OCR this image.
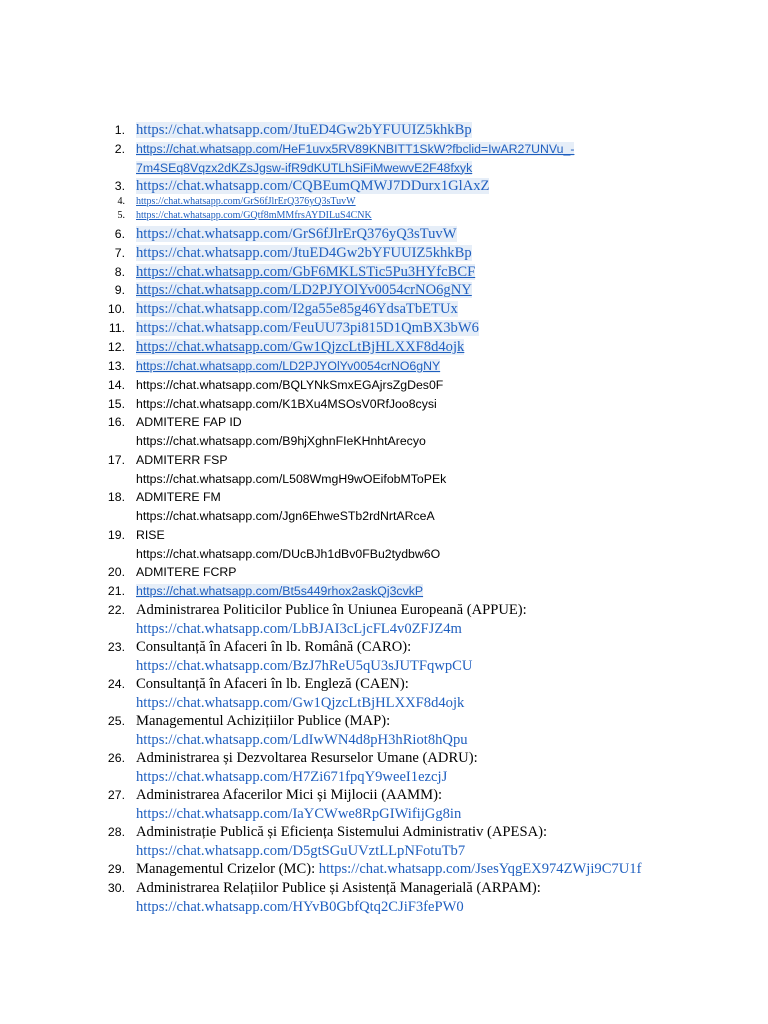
1. https://chat.whatsapp.com/JtuED4Gw2bYFUUIZ5khkBp
2. https://chat.whatsapp.com/HeF1uvx5RV89KNBITT1SkW?fbclid=IwAR27UNVu_-
7m4SEq8Vqzx2dKZsJgsw-ifR9dKUTLhSiFiMwewvE2F48fxyk
3. https://chat.whatsapp.com/CQBEumQMWJ7DDurx1GlAxZ
4. https://chat.whatsapp.com/GrS6fJlrErQ376yQ3sTuvW
5. https://chat.whatsapp.com/GQtf8mMMfrsAYDILuS4CNK
6. https://chat.whatsapp.com/GrS6fJlrErQ376yQ3sTuvW
7. https://chat.whatsapp.com/JtuED4Gw2bYFUUIZ5khkBp
8. https://chat.whatsapp.com/GbF6MKLSTic5Pu3HYfcBCF
9. https://chat.whatsapp.com/LD2PJYOlYv0054crNO6gNY
10. https://chat.whatsapp.com/I2ga55e85g46YdsaTbETUx
11. https://chat.whatsapp.com/FeuUU73pi815D1QmBX3bW6
12. https://chat.whatsapp.com/Gw1QjzcLtBjHLXXF8d4ojk
13. https://chat.whatsapp.com/LD2PJYOlYv0054crNO6gNY
14. https://chat.whatsapp.com/BQLYNkSmxEGAjrsZgDes0F
15. https://chat.whatsapp.com/K1BXu4MSOsV0RfJoo8cysi
16. ADMITERE FAP ID
https://chat.whatsapp.com/B9hjXghnFIeKHnhtArecyo
17. ADMITERR FSP
https://chat.whatsapp.com/L508WmgH9wOEifobMToPEk
18. ADMITERE FM
https://chat.whatsapp.com/Jgn6EhweSTb2rdNrtARceA
19. RISE
https://chat.whatsapp.com/DUcBJh1dBv0FBu2tydbw6O
20. ADMITERE FCRP
21. https://chat.whatsapp.com/Bt5s449rhox2askQj3cvkP
22. Administrarea Politicilor Publice în Uniunea Europeană (APPUE):
https://chat.whatsapp.com/LbBJAI3cLjcFL4v0ZFJZ4m
23. Consultanță în Afaceri în lb. Română (CARO):
https://chat.whatsapp.com/BzJ7hReU5qU3sJUTFqwpCU
24. Consultanță în Afaceri în lb. Engleză (CAEN):
https://chat.whatsapp.com/Gw1QjzcLtBjHLXXF8d4ojk
25. Managementul Achizițiilor Publice (MAP):
https://chat.whatsapp.com/LdIwWN4d8pH3hRiot8hQpu
26. Administrarea și Dezvoltarea Resurselor Umane (ADRU):
https://chat.whatsapp.com/H7Zi671fpqY9weeI1ezcjJ
27. Administrarea Afacerilor Mici și Mijlocii (AAMM):
https://chat.whatsapp.com/IaYCWwe8RpGIWifijGg8in
28. Administrație Publică și Eficiența Sistemului Administrativ (APESA):
https://chat.whatsapp.com/D5gtSGuUVztLLpNFotuTb7
29. Managementul Crizelor (MC): https://chat.whatsapp.com/JsesYqgEX974ZWji9C7U1f
30. Administrarea Relațiilor Publice și Asistență Managerială (ARPAM):
https://chat.whatsapp.com/HYvB0GbfQtq2CJiF3fePW0
